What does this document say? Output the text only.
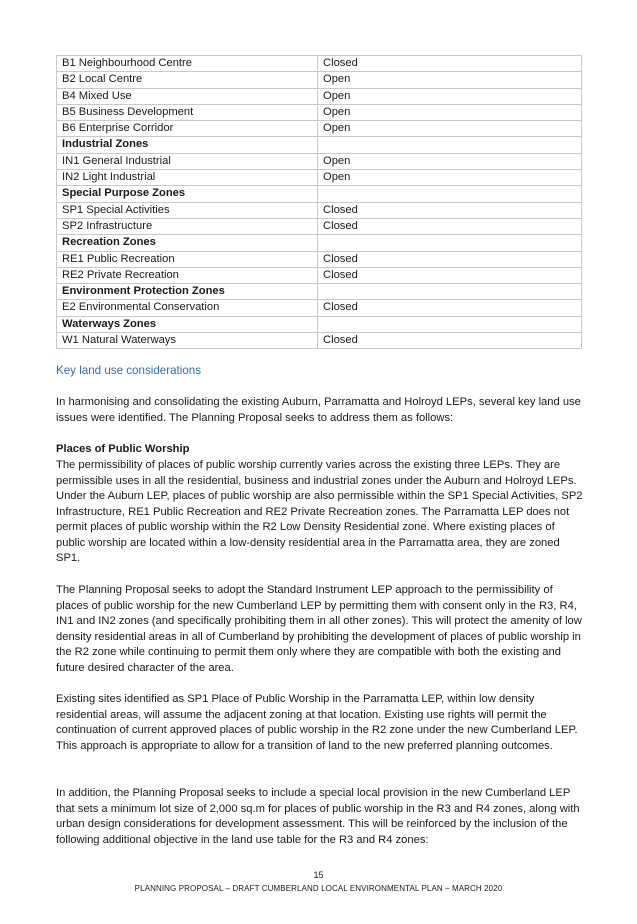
B1 Neighbourhood Centre	Closed
B2 Local Centre	Open
B4 Mixed Use	Open
B5 Business Development	Open
B6 Enterprise Corridor	Open
Industrial Zones	
IN1 General Industrial	Open
IN2 Light Industrial	Open
Special Purpose Zones	
SP1 Special Activities	Closed
SP2 Infrastructure	Closed
Recreation Zones	
RE1 Public Recreation	Closed
RE2 Private Recreation	Closed
Environment Protection Zones	
E2 Environmental Conservation	Closed
Waterways Zones	
W1 Natural Waterways	Closed
Key land use considerations

In harmonising and consolidating the existing Auburn, Parramatta and Holroyd LEPs, several key land use issues were identified. The Planning Proposal seeks to address them as follows:

Places of Public Worship

The permissibility of places of public worship currently varies across the existing three LEPs. They are permissible uses in all the residential, business and industrial zones under the Auburn and Holroyd LEPs. Under the Auburn LEP, places of public worship are also permissible within the SP1 Special Activities, SP2 Infrastructure, RE1 Public Recreation and RE2 Private Recreation zones. The Parramatta LEP does not permit places of public worship within the R2 Low Density Residential zone. Where existing places of public worship are located within a low-density residential area in the Parramatta area, they are zoned SP1.

The Planning Proposal seeks to adopt the Standard Instrument LEP approach to the permissibility of places of public worship for the new Cumberland LEP by permitting them with consent only in the R3, R4, IN1 and IN2 zones (and specifically prohibiting them in all other zones). This will protect the amenity of low density residential areas in all of Cumberland by prohibiting the development of places of public worship in the R2 zone while continuing to permit them only where they are compatible with both the existing and future desired character of the area.

Existing sites identified as SP1 Place of Public Worship in the Parramatta LEP, within low density residential areas, will assume the adjacent zoning at that location. Existing use rights will permit the continuation of current approved places of public worship in the R2 zone under the new Cumberland LEP. This approach is appropriate to allow for a transition of land to the new preferred planning outcomes.

In addition, the Planning Proposal seeks to include a special local provision in the new Cumberland LEP that sets a minimum lot size of 2,000 sq.m for places of public worship in the R3 and R4 zones, along with urban design considerations for development assessment. This will be reinforced by the inclusion of the following additional objective in the land use table for the R3 and R4 zones:

15
PLANNING PROPOSAL – DRAFT CUMBERLAND LOCAL ENVIRONMENTAL PLAN – MARCH 2020
